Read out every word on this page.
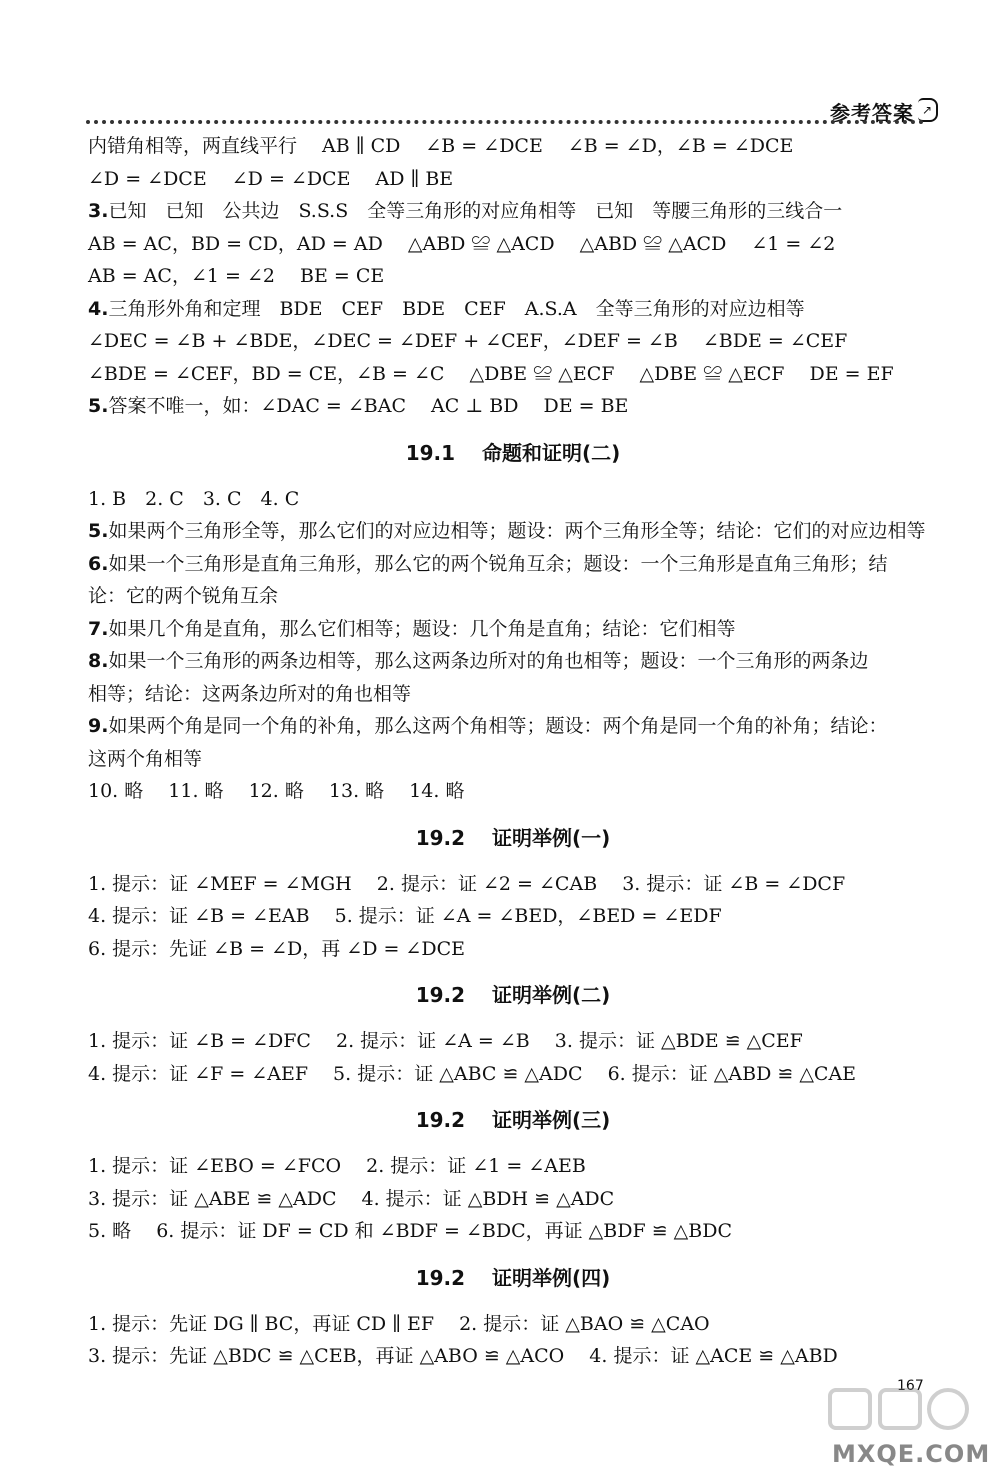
参考答案 ↗
内错角相等，两直线平行　 AB ∥ CD 　∠B = ∠DCE 　∠B = ∠D，∠B = ∠DCE
∠D = ∠DCE 　∠D = ∠DCE 　AD ∥ BE
3.已知　已知　公共边　S.S.S　全等三角形的对应角相等　已知　等腰三角形的三线合一
AB = AC，BD = CD，AD = AD 　△ABD ≌ △ACD 　△ABD ≌ △ACD 　∠1 = ∠2
AB = AC，∠1 = ∠2 　BE = CE
4.三角形外角和定理　BDE　CEF　BDE　CEF　A.S.A　全等三角形的对应边相等
∠DEC = ∠B + ∠BDE，∠DEC = ∠DEF + ∠CEF，∠DEF = ∠B 　∠BDE = ∠CEF
∠BDE = ∠CEF，BD = CE，∠B = ∠C 　△DBE ≌ △ECF 　△DBE ≌ △ECF 　DE = EF
5.答案不唯一，如：∠DAC = ∠BAC 　AC ⊥ BD 　DE = BE
19.1　 命题和证明(二)
1. B　2. C　3. C　4. C
5.如果两个三角形全等，那么它们的对应边相等；题设：两个三角形全等；结论：它们的对应边相等
6.如果一个三角形是直角三角形，那么它的两个锐角互余；题设：一个三角形是直角三角形；结
论：它的两个锐角互余
7.如果几个角是直角，那么它们相等；题设：几个角是直角；结论：它们相等
8.如果一个三角形的两条边相等，那么这两条边所对的角也相等；题设：一个三角形的两条边
相等；结论：这两条边所对的角也相等
9.如果两个角是同一个角的补角，那么这两个角相等；题设：两个角是同一个角的补角；结论：
这两个角相等
10. 略　 11. 略　 12. 略　 13. 略　 14. 略
19.2　 证明举例(一)
1. 提示：证 ∠MEF = ∠MGH 　2. 提示：证 ∠2 = ∠CAB 　3. 提示：证 ∠B = ∠DCF
4. 提示：证 ∠B = ∠EAB 　5. 提示：证 ∠A = ∠BED，∠BED = ∠EDF
6. 提示：先证 ∠B = ∠D，再 ∠D = ∠DCE
19.2　 证明举例(二)
1. 提示：证 ∠B = ∠DFC 　2. 提示：证 ∠A = ∠B 　3. 提示：证 △BDE ≌ △CEF
4. 提示：证 ∠F = ∠AEF 　5. 提示：证 △ABC ≌ △ADC 　6. 提示：证 △ABD ≌ △CAE
19.2　 证明举例(三)
1. 提示：证 ∠EBO = ∠FCO 　2. 提示：证 ∠1 = ∠AEB
3. 提示：证 △ABE ≌ △ADC 　4. 提示：证 △BDH ≌ △ADC
5. 略　 6. 提示：证 DF = CD 和 ∠BDF = ∠BDC，再证 △BDF ≌ △BDC
19.2　 证明举例(四)
1. 提示：先证 DG ∥ BC，再证 CD ∥ EF 　2. 提示：证 △BAO ≌ △CAO
3. 提示：先证 △BDC ≌ △CEB，再证 △ABO ≌ △ACO 　4. 提示：证 △ACE ≌ △ABD
167
MXQE.COM
